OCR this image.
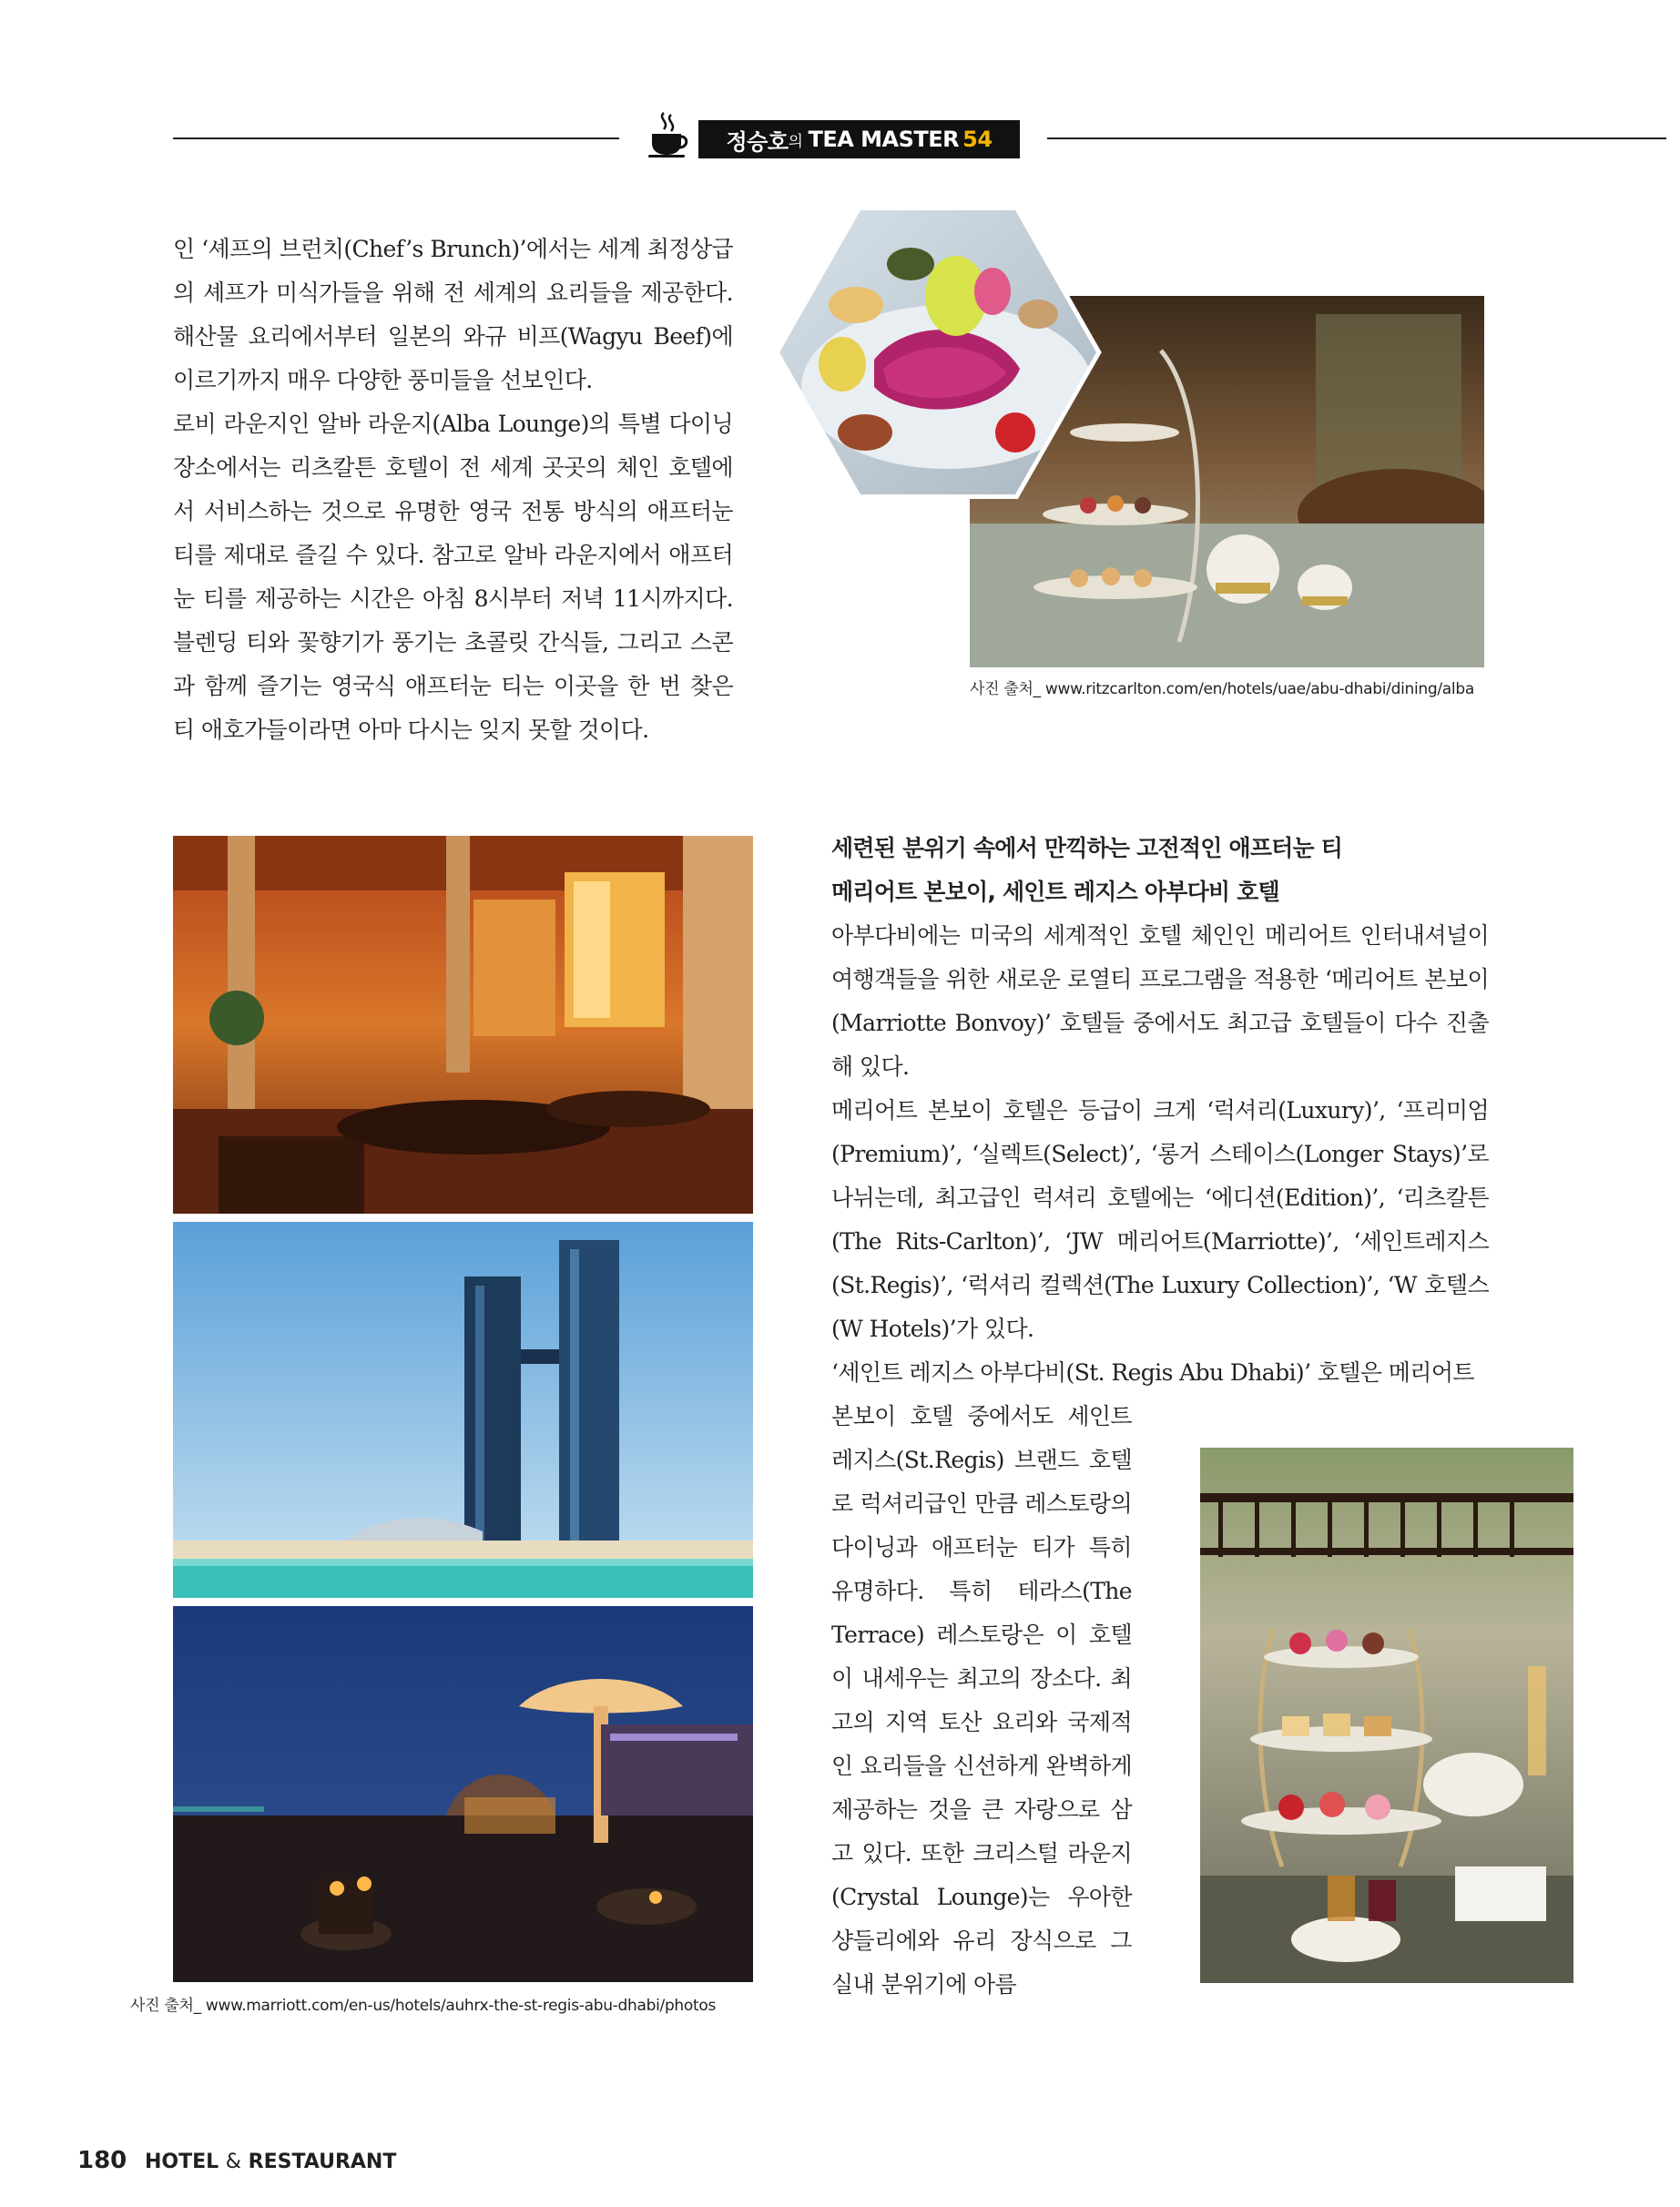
정승호 의 TEA MASTER 54

인 ‘셰프의 브런치(Chef’s Brunch)’에서는 세계 최정상급의 셰프가 미식가들을 위해 전 세계의 요리들을 제공한다. 해산물 요리에서부터 일본의 와규 비프(Wagyu Beef)에 이르기까지 매우 다양한 풍미들을 선보인다.

로비 라운지인 알바 라운지(Alba Lounge)의 특별 다이닝 장소에서는 리츠칼튼 호텔이 전 세계 곳곳의 체인 호텔에서 서비스하는 것으로 유명한 영국 전통 방식의 애프터눈 티를 제대로 즐길 수 있다. 참고로 알바 라운지에서 애프터눈 티를 제공하는 시간은 아침 8시부터 저녁 11시까지다. 블렌딩 티와 꽃향기가 풍기는 초콜릿 간식들, 그리고 스콘과 함께 즐기는 영국식 애프터눈 티는 이곳을 한 번 찾은 티 애호가들이라면 아마 다시는 잊지 못할 것이다.

사진 출처_ www.ritzcarlton.com/en/hotels/uae/abu-dhabi/dining/alba
사진 출처_ www.marriott.com/en-us/hotels/auhrx-the-st-regis-abu-dhabi/photos
세련된 분위기 속에서 만끽하는 고전적인 애프터눈 티
메리어트 본보이, 세인트 레지스 아부다비 호텔

아부다비에는 미국의 세계적인 호텔 체인인 메리어트 인터내셔널이 여행객들을 위한 새로운 로열티 프로그램을 적용한 ‘메리어트 본보이(Marriotte Bonvoy)’ 호텔들 중에서도 최고급 호텔들이 다수 진출해 있다.

메리어트 본보이 호텔은 등급이 크게 ‘럭셔리(Luxury)’, ‘프리미엄(Premium)’, ‘실렉트(Select)’, ‘롱거 스테이스(Longer Stays)’로 나뉘는데, 최고급인 럭셔리 호텔에는 ‘에디션(Edition)’, ‘리츠칼튼(The Rits-Carlton)’, ‘JW 메리어트(Marriotte)’, ‘세인트레지스(St.Regis)’, ‘럭셔리 컬렉션(The Luxury Collection)’, ‘W 호텔스(W Hotels)’가 있다.

‘세인트 레지스 아부다비(St. Regis Abu Dhabi)’ 호텔은 메리어트

본보이 호텔 중에서도 세인트 레지스(St.Regis) 브랜드 호텔로 럭셔리급인 만큼 레스토랑의 다이닝과 애프터눈 티가 특히 유명하다. 특히 테라스(The Terrace) 레스토랑은 이 호텔이 내세우는 최고의 장소다. 최고의 지역 토산 요리와 국제적인 요리들을 신선하게 완벽하게 제공하는 것을 큰 자랑으로 삼고 있다. 또한 크리스털 라운지(Crystal Lounge)는 우아한 샹들리에와 유리 장식으로 그 실내 분위기에 아름

180 HOTEL & RESTAURANT
